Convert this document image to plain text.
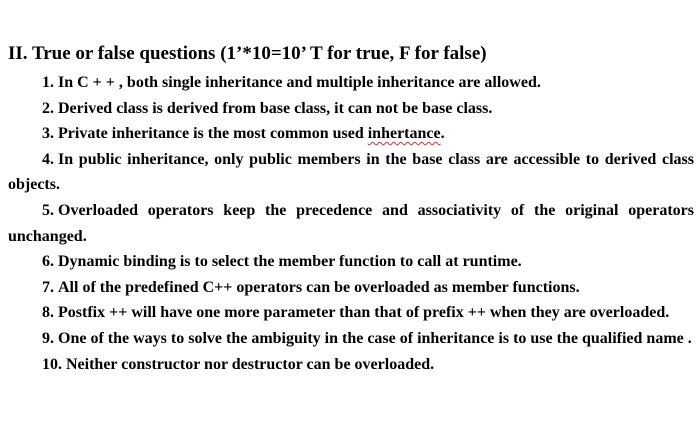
II. True or false questions (1’*10=10’ T for true, F for false)

1. In C + + , both single inheritance and multiple inheritance are allowed.

2. Derived class is derived from base class, it can not be base class.

3. Private inheritance is the most common used inhertance.

4. In public inheritance, only public members in the base class are accessible to derived class objects.

5. Overloaded operators keep the precedence and associativity of the original operators unchanged.

6. Dynamic binding is to select the member function to call at runtime.

7. All of the predefined C++ operators can be overloaded as member functions.

8. Postfix ++ will have one more parameter than that of prefix ++ when they are overloaded.

9. One of the ways to solve the ambiguity in the case of inheritance is to use the qualified name .

10. Neither constructor nor destructor can be overloaded.
